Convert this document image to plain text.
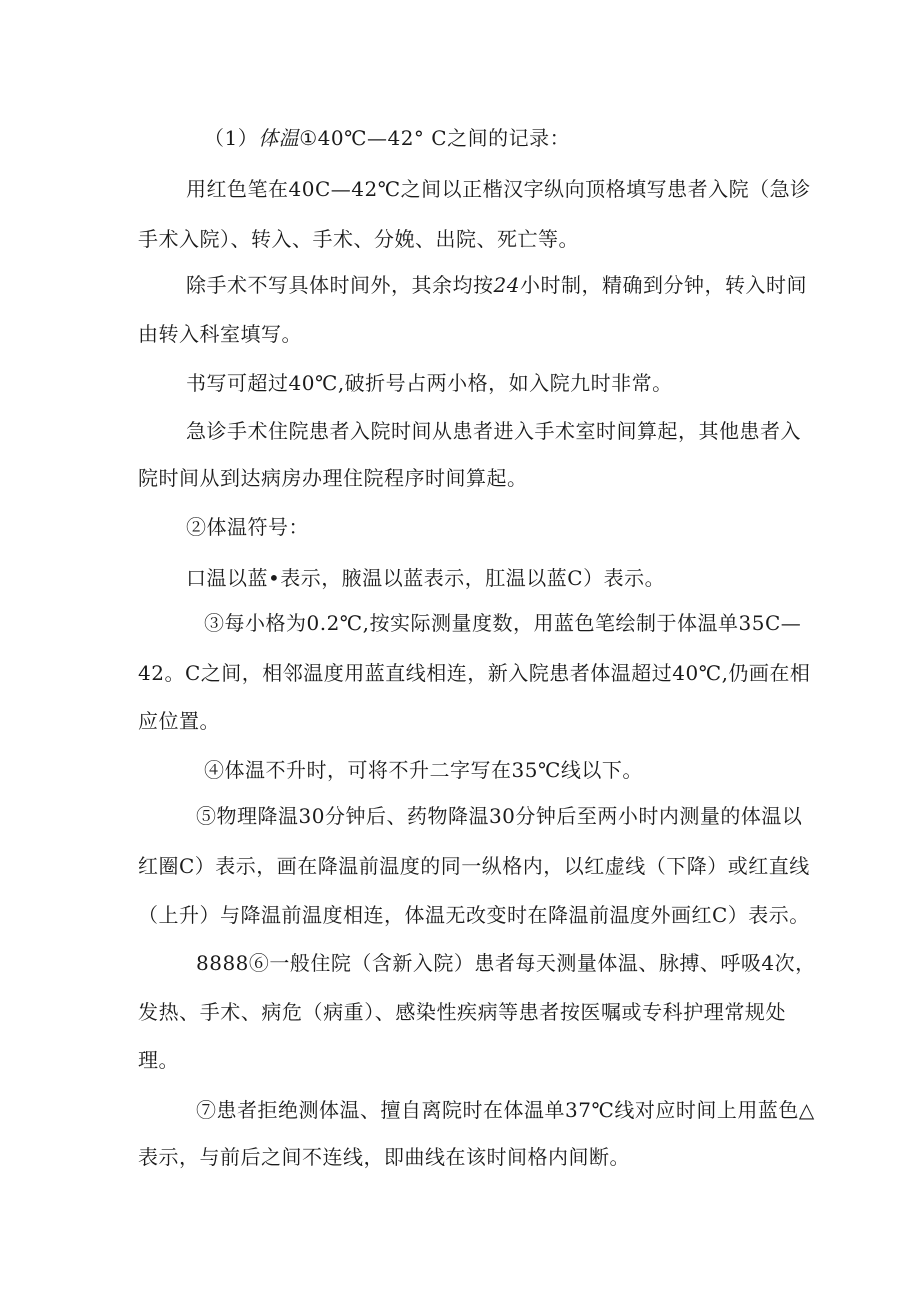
（1）体温①40℃—42° C之间的记录：
用红色笔在40C—42℃之间以正楷汉字纵向顶格填写患者入院（急诊
手术入院）、转入、手术、分娩、出院、死亡等。
除手术不写具体时间外，其余均按24小时制，精确到分钟，转入时间
由转入科室填写。
书写可超过40℃,破折号占两小格，如入院九时非常。
急诊手术住院患者入院时间从患者进入手术室时间算起，其他患者入
院时间从到达病房办理住院程序时间算起。
②体温符号：
口温以蓝•表示，腋温以蓝表示，肛温以蓝C）表示。
③每小格为0.2℃,按实际测量度数，用蓝色笔绘制于体温单35C—
42。C之间，相邻温度用蓝直线相连，新入院患者体温超过40℃,仍画在相
应位置。
④体温不升时，可将不升二字写在35℃线以下。
⑤物理降温30分钟后、药物降温30分钟后至两小时内测量的体温以
红圈C）表示，画在降温前温度的同一纵格内，以红虚线（下降）或红直线
（上升）与降温前温度相连，体温无改变时在降温前温度外画红C）表示。
8888⑥一般住院（含新入院）患者每天测量体温、脉搏、呼吸4次，
发热、手术、病危（病重）、感染性疾病等患者按医嘱或专科护理常规处
理。
⑦患者拒绝测体温、擅自离院时在体温单37℃线对应时间上用蓝色△
表示，与前后之间不连线，即曲线在该时间格内间断。
